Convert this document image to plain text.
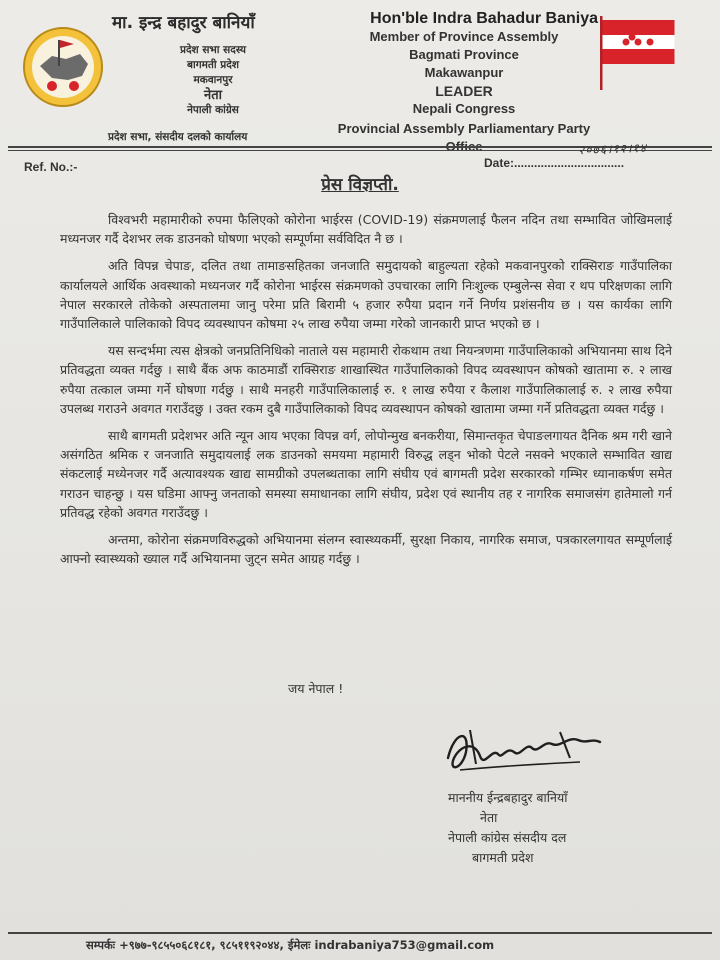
मा. इन्द्र बहादुर बानियाँ
प्रदेश सभा सदस्य
बागमती प्रदेश
मकवानपुर
नेता
नेपाली कांग्रेस
प्रदेश सभा, संसदीय दलको कार्यालय
Hon'ble Indra Bahadur Baniya
Member of Province Assembly
Bagmati Province
Makawanpur
LEADER
Nepali Congress
Provincial Assembly Parliamentary Party Office
Ref. No.:-
२०७६।१२।१४
Date:.................................
प्रेस विज्ञप्ती.

विश्वभरी महामारीको रुपमा फैलिएको कोरोना भाईरस (COVID-19) संक्रमणलाई फैलन नदिन तथा सम्भावित जोखिमलाई मध्यनजर गर्दै देशभर लक डाउनको घोषणा भएको सम्पूर्णमा सर्वविदित नै छ ।

अति विपन्न चेपाङ, दलित तथा तामाङसहितका जनजाति समुदायको बाहुल्यता रहेको मकवानपुरको राक्सिराङ गाउँपालिका कार्यालयले आर्थिक अवस्थाको मध्यनजर गर्दै कोरोना भाईरस संक्रमणको उपचारका लागि निःशुल्क एम्बुलेन्स सेवा र थप परिक्षणका लागि नेपाल सरकारले तोकेको अस्पतालमा जानु परेमा प्रति बिरामी ५ हजार रुपैया प्रदान गर्ने निर्णय प्रशंसनीय छ । यस कार्यका लागि गाउँपालिकाले पालिकाको विपद व्यवस्थापन कोषमा २५ लाख रुपैया जम्मा गरेको जानकारी प्राप्त भएको छ ।

यस सन्दर्भमा त्यस क्षेत्रको जनप्रतिनिधिको नाताले यस महामारी रोकथाम तथा नियन्त्रणमा गाउँपालिकाको अभियानमा साथ दिने प्रतिवद्धता व्यक्त गर्दछु । साथै बैंक अफ काठमाडौं राक्सिराङ शाखास्थित गाउँपालिकाको विपद व्यवस्थापन कोषको खातामा रु. २ लाख रुपैया तत्काल जम्मा गर्ने घोषणा गर्दछु । साथै मनहरी गाउँपालिकालाई रु. १ लाख रुपैया र कैलाश गाउँपालिकालाई रु. २ लाख रुपैया उपलब्ध गराउने अवगत गराउँदछु । उक्त रकम दुबै गाउँपालिकाको विपद व्यवस्थापन कोषको खातामा जम्मा गर्ने प्रतिवद्धता व्यक्त गर्दछु ।

साथै बागमती प्रदेशभर अति न्यून आय भएका विपन्न वर्ग, लोपोन्मुख बनकरीया, सिमान्तकृत चेपाङलगायत दैनिक श्रम गरी खाने असंगठित श्रमिक र जनजाति समुदायलाई लक डाउनको समयमा महामारी विरुद्ध लड्न भोको पेटले नसक्ने भएकाले सम्भावित खाद्य संकटलाई मध्येनजर गर्दै अत्यावश्यक खाद्य सामग्रीको उपलब्धताका लागि संघीय एवं बागमती प्रदेश सरकारको गम्भिर ध्यानाकर्षण समेत गराउन चाहन्छु । यस घडिमा आफ्नु जनताको समस्या समाधानका लागि संघीय, प्रदेश एवं स्थानीय तह र नागरिक समाजसंग हातेमालो गर्न प्रतिवद्ध रहेको अवगत गराउँदछु ।

अन्तमा, कोरोना संक्रमणविरुद्धको अभियानमा संलग्न स्वास्थ्यकर्मी, सुरक्षा निकाय, नागरिक समाज, पत्रकारलगायत सम्पूर्णलाई आफ्नो स्वास्थ्यको ख्याल गर्दै अभियानमा जुट्न समेत आग्रह गर्दछु ।

जय नेपाल !
माननीय ईन्द्रबहादुर बानियाँ
नेता
नेपाली कांग्रेस संसदीय दल
बागमती प्रदेश
सम्पर्कः +९७७-९८५५०६८१८१, ९८५११९२०४४, ईमेलः indrabaniya753@gmail.com
